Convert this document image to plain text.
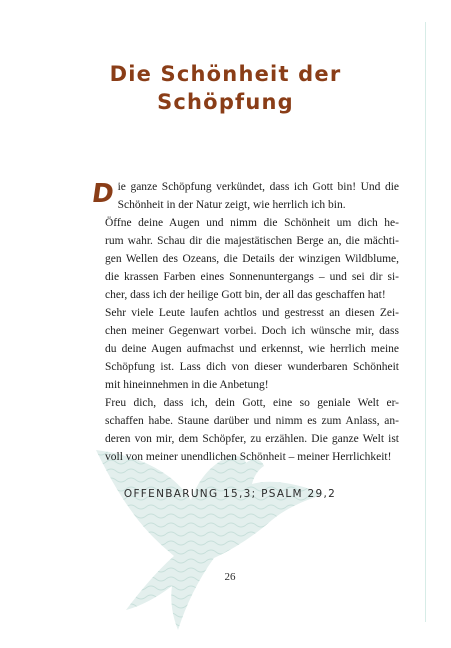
Die Schönheit der
Schöpfung

D ie ganze Schöpfung verkündet, dass ich Gott bin! Und die
Schönheit in der Natur zeigt, wie herrlich ich bin.

Öffne deine Augen und nimm die Schönheit um dich he-
rum wahr. Schau dir die majestätischen Berge an, die mächti-
gen Wellen des Ozeans, die Details der winzigen Wildblume,
die krassen Farben eines Sonnenuntergangs – und sei dir si-
cher, dass ich der heilige Gott bin, der all das geschaffen hat!

Sehr viele Leute laufen achtlos und gestresst an diesen Zei-
chen meiner Gegenwart vorbei. Doch ich wünsche mir, dass
du deine Augen aufmachst und erkennst, wie herrlich meine
Schöpfung ist. Lass dich von dieser wunderbaren Schönheit
mit hineinnehmen in die Anbetung!

Freu dich, dass ich, dein Gott, eine so geniale Welt er-
schaffen habe. Staune darüber und nimm es zum Anlass, an-
deren von mir, dem Schöpfer, zu erzählen. Die ganze Welt ist
voll von meiner unendlichen Schönheit – meiner Herrlichkeit!

OFFENBARUNG 15,3; PSALM 29,2
26
